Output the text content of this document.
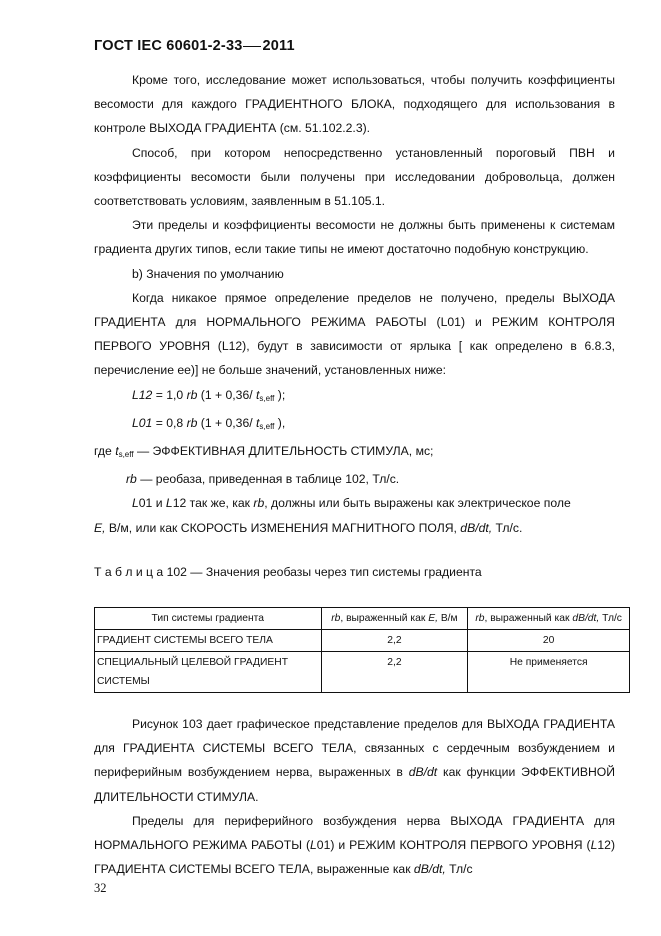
ГОСТ IEC 60601-2-33 2011

Кроме того, исследование может использоваться, чтобы получить коэффициенты весомости для каждого ГРАДИЕНТНОГО БЛОКА, подходящего для использования в контроле ВЫХОДА ГРАДИЕНТА (см. 51.102.2.3).

Способ, при котором непосредственно установленный пороговый ПВН и коэффициенты весомости были получены при исследовании добровольца, должен соответствовать условиям, заявленным в 51.105.1.

Эти пределы и коэффициенты весомости не должны быть применены к системам градиента других типов, если такие типы не имеют достаточно подобную конструкцию.

b) Значения по умолчанию

Когда никакое прямое определение пределов не получено, пределы ВЫХОДА ГРАДИЕНТА для НОРМАЛЬНОГО РЕЖИМА РАБОТЫ (L01) и РЕЖИМ КОНТРОЛЯ ПЕРВОГО УРОВНЯ (L12), будут в зависимости от ярлыка [ как определено в 6.8.3, перечисление ее)] не больше значений, установленных ниже:

L12 = 1,0 rb (1 + 0,36/ $t_{s,eff}$ );
L01 = 0,8 rb (1 + 0,36/ $t_{s,eff}$ ),
где $t_{s,eff}$ — ЭФФЕКТИВНАЯ ДЛИТЕЛЬНОСТЬ СТИМУЛА, мс;
rb — реобаза, приведенная в таблице 102, Тл/с.
L01 и L12 так же, как rb, должны или быть выражены как электрическое поле
E, В/м, или как СКОРОСТЬ ИЗМЕНЕНИЯ МАГНИТНОГО ПОЛЯ, dB/dt, Тл/с.
Т а б л и ц а 102 — Значения реобазы через тип системы градиента
Тип системы градиента	rb, выраженный как E, В/м	rb, выраженный как dB/dt, Тл/с
ГРАДИЕНТ СИСТЕМЫ ВСЕГО ТЕЛА	2,2	20
СПЕЦИАЛЬНЫЙ ЦЕЛЕВОЙ ГРАДИЕНТ СИСТЕМЫ	2,2	Не применяется

Рисунок 103 дает графическое представление пределов для ВЫХОДА ГРАДИЕНТА для ГРАДИЕНТА СИСТЕМЫ ВСЕГО ТЕЛА, связанных с сердечным возбуждением и периферийным возбуждением нерва, выраженных в dB/dt как функции ЭФФЕКТИВНОЙ ДЛИТЕЛЬНОСТИ СТИМУЛА.

Пределы для периферийного возбуждения нерва ВЫХОДА ГРАДИЕНТА для НОРМАЛЬНОГО РЕЖИМА РАБОТЫ (L01) и РЕЖИМ КОНТРОЛЯ ПЕРВОГО УРОВНЯ (L12) ГРАДИЕНТА СИСТЕМЫ ВСЕГО ТЕЛА, выраженные как dB/dt, Тл/с

32
